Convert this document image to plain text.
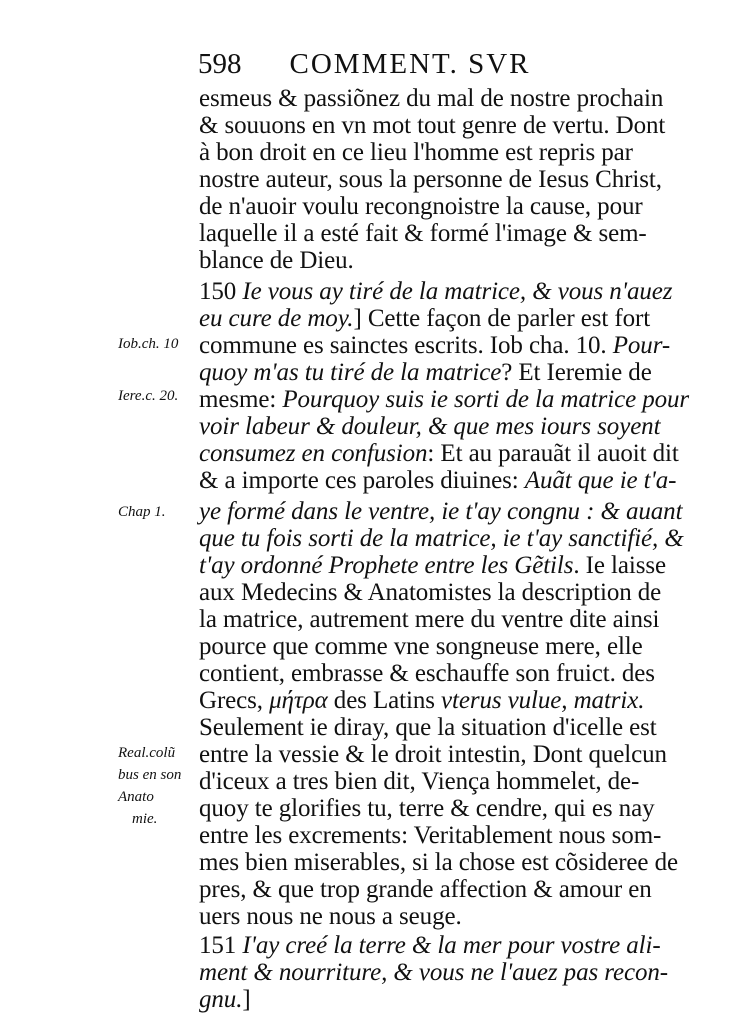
598 COMMENT. SVR
esmeus & passiõnez du mal de nostre prochain
& souuons en vn mot tout genre de vertu. Dont
à bon droit en ce lieu l'homme est repris par
nostre auteur, sous la personne de Iesus Christ,
de n'auoir voulu recongnoistre la cause, pour
laquelle il a esté fait & formé l'image & sem-
blance de Dieu.
150 Ie vous ay tiré de la matrice, & vous n'auez
eu cure de moy.] Cette façon de parler est fort
commune es sainctes escrits. Iob cha. 10. Pour-
quoy m'as tu tiré de la matrice? Et Ieremie de
mesme: Pourquoy suis ie sorti de la matrice pour
voir labeur & douleur, & que mes iours soyent
consumez en confusion: Et au parauãt il auoit dit
& a importe ces paroles diuines: Auãt que ie t'a-
ye formé dans le ventre, ie t'ay congnu : & auant
que tu fois sorti de la matrice, ie t'ay sanctifié, &
t'ay ordonné Prophete entre les Gẽtils. Ie laisse
aux Medecins & Anatomistes la description de
la matrice, autrement mere du ventre dite ainsi
pource que comme vne songneuse mere, elle
contient, embrasse & eschauffe son fruict. des
Grecs, μήτρα des Latins vterus vulue, matrix.
Seulement ie diray, que la situation d'icelle est
entre la vessie & le droit intestin, Dont quelcun
d'iceux a tres bien dit, Viença hommelet, de-
quoy te glorifies tu, terre & cendre, qui es nay
entre les excrements: Veritablement nous som-
mes bien miserables, si la chose est cõsideree de
pres, & que trop grande affection & amour en
uers nous ne nous a seuge.
151 I'ay creé la terre & la mer pour vostre ali-
ment & nourriture, & vous ne l'auez pas recon-
gnu.]
Iob.ch. 10
Iere.c. 20.
Chap 1.
Real.colũ
bus en son
Anato
mie.
